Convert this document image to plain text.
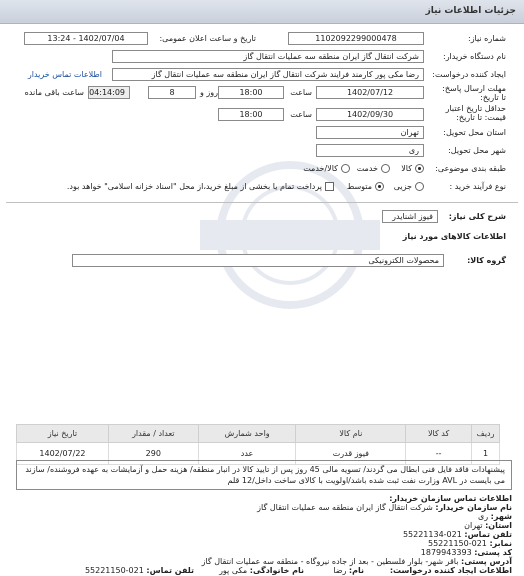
جزئیات اطلاعات نیاز
شماره نیاز:
1102092299000478
تاریخ و ساعت اعلان عمومی:
1402/07/04 - 13:24
نام دستگاه خریدار:
شرکت انتقال گاز ایران منطقه سه عملیات انتقال گاز
ایجاد کننده درخواست:
رضا مکی پور کارمند فرایند شرکت انتقال گاز ایران منطقه سه عملیات انتقال گاز
اطلاعات تماس خریدار
مهلت ارسال پاسخ: تا تاریخ:
1402/07/12
ساعت
18:00
8	روز و
04:14:09
ساعت باقی مانده
حداقل تاریخ اعتبار قیمت: تا تاریخ:
1402/09/30
ساعت
18:00
استان محل تحویل:
تهران
شهر محل تحویل:
ری
طبقه بندی موضوعی:
کالا
خدمت
کالا/خدمت
نوع فرآیند خرید :
جزیی
متوسط
پرداخت تمام یا بخشی از مبلغ خرید،از محل "اسناد خزانه اسلامی" خواهد بود.
شرح کلی نیاز:
فیوز اشنایدر
اطلاعات کالاهای مورد نیاز
گروه کالا:
محصولات الکترونیکی
ردیف	کد کالا	نام کالا	واحد شمارش	تعداد / مقدار	تاریخ نیاز
1	--	فیوز قدرت	عدد	290	1402/07/22
پیشنهادات فاقد فایل فنی ابطال می گردند/ تسویه مالی 45 روز پس از تایید کالا در انبار منطقه/ هزینه حمل و آزمایشات به عهده فروشنده/ سازند می بایست در AVL وزارت نفت ثبت شده باشد/اولویت با کالای ساخت داخل/12 قلم
اطلاعات تماس سازمان خریدار:
نام سازمان خریدار: شرکت انتقال گاز ایران منطقه سه عملیات انتقال گاز
شهر: ری
استان: تهران
تلفن تماس: 021-55221134
نمابر: 021-55221150
کد پستی: 1879943393
آدرس پستی: باقر شهر- بلوار فلسطین - بعد از جاده نیروگاه - منطقه سه عملیات انتقال گاز
اطلاعات ایجاد کننده درخواست:
نام: رضا
نام خانوادگی: مکی پور
تلفن تماس: 021-55221150
